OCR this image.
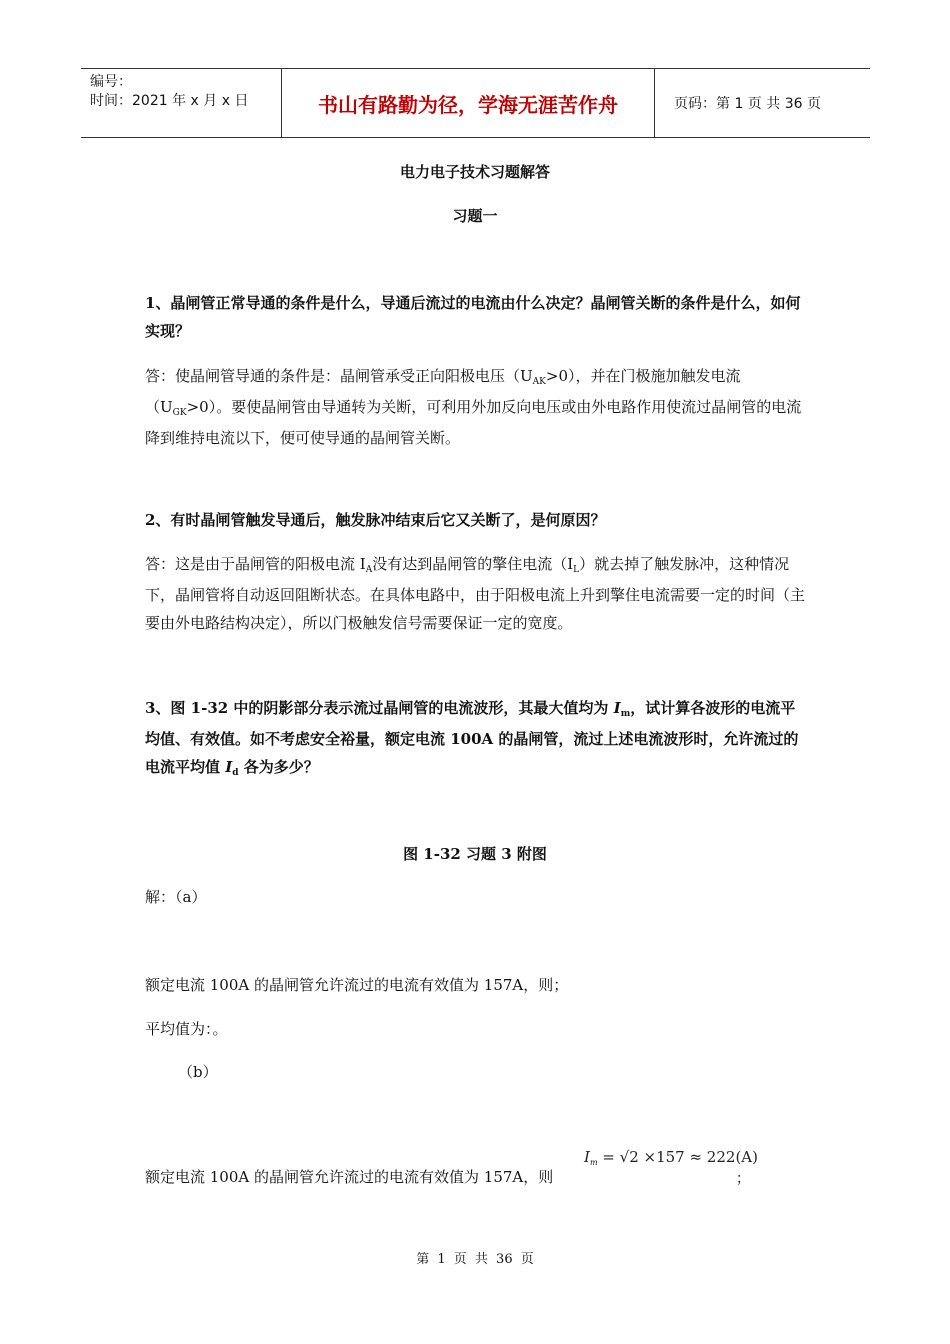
编号：
时间：2021 年 x 月 x 日	书山有路勤为径，学海无涯苦作舟	页码：第 1 页 共 36 页
电力电子技术习题解答
习题一
1、晶闸管正常导通的条件是什么，导通后流过的电流由什么决定？晶闸管关断的条件是什么，如何实现？
答：使晶闸管导通的条件是：晶闸管承受正向阳极电压$(U_{AK}>0)$，并在门极施加触发电流$(U_{GK}>0)$。要使晶闸管由导通转为关断，可利用外加反向电压或由外电路作用使流过晶闸管的电流降到维持电流以下，便可使导通的晶闸管关断。
2、有时晶闸管触发导通后，触发脉冲结束后它又关断了，是何原因？
答：这是由于晶闸管的阳极电流 $I_A$没有达到晶闸管的擎住电流$(I_L)$就去掉了触发脉冲，这种情况下，晶闸管将自动返回阻断状态。在具体电路中，由于阳极电流上升到擎住电流需要一定的时间（主要由外电路结构决定），所以门极触发信号需要保证一定的宽度。
3、图 1-32 中的阴影部分表示流过晶闸管的电流波形，其最大值均为 $I_m$，试计算各波形的电流平均值、有效值。如不考虑安全裕量，额定电流 100A 的晶闸管，流过上述电流波形时，允许流过的电流平均值 $I_d$ 各为多少？
图 1-32 习题 3 附图
解：（a）
额定电流 100A 的晶闸管允许流过的电流有效值为 157A，则；
平均值为：。
（b）
额定电流 100A 的晶闸管允许流过的电流有效值为 157A，则
$I_m = √2 \times 157 \approx 222(A)$
；
第 1 页 共 36 页
